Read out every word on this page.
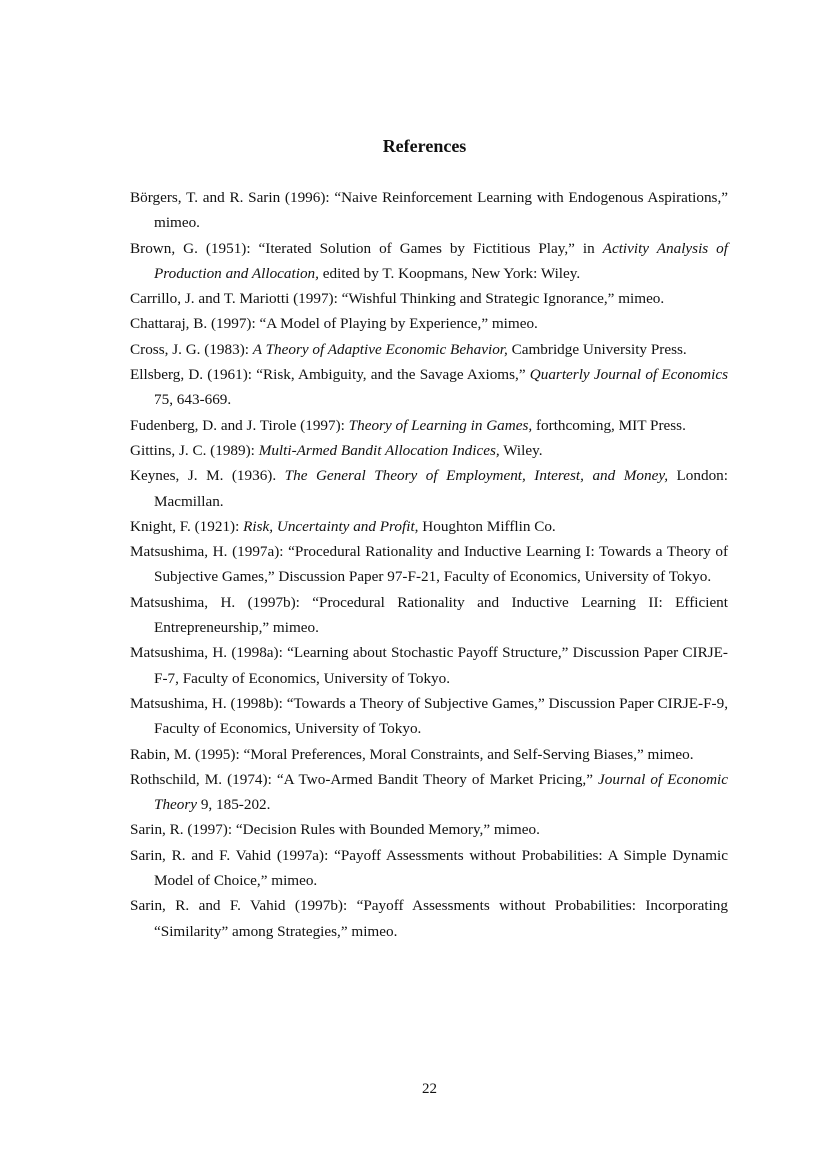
References

Börgers, T. and R. Sarin (1996): “Naive Reinforcement Learning with Endogenous Aspirations,” mimeo.

Brown, G. (1951): “Iterated Solution of Games by Fictitious Play,” in Activity Analysis of Production and Allocation, edited by T. Koopmans, New York: Wiley.

Carrillo, J. and T. Mariotti (1997): “Wishful Thinking and Strategic Ignorance,” mimeo.

Chattaraj, B. (1997): “A Model of Playing by Experience,” mimeo.

Cross, J. G. (1983): A Theory of Adaptive Economic Behavior, Cambridge University Press.

Ellsberg, D. (1961): “Risk, Ambiguity, and the Savage Axioms,” Quarterly Journal of Economics 75, 643-669.

Fudenberg, D. and J. Tirole (1997): Theory of Learning in Games, forthcoming, MIT Press.

Gittins, J. C. (1989): Multi-Armed Bandit Allocation Indices, Wiley.

Keynes, J. M. (1936). The General Theory of Employment, Interest, and Money, London: Macmillan.

Knight, F. (1921): Risk, Uncertainty and Profit, Houghton Mifflin Co.

Matsushima, H. (1997a): “Procedural Rationality and Inductive Learning I: Towards a Theory of Subjective Games,” Discussion Paper 97-F-21, Faculty of Economics, University of Tokyo.

Matsushima, H. (1997b): “Procedural Rationality and Inductive Learning II: Efficient Entrepreneurship,” mimeo.

Matsushima, H. (1998a): “Learning about Stochastic Payoff Structure,” Discussion Paper CIRJE-F-7, Faculty of Economics, University of Tokyo.

Matsushima, H. (1998b): “Towards a Theory of Subjective Games,” Discussion Paper CIRJE-F-9, Faculty of Economics, University of Tokyo.

Rabin, M. (1995): “Moral Preferences, Moral Constraints, and Self-Serving Biases,” mimeo.

Rothschild, M. (1974): “A Two-Armed Bandit Theory of Market Pricing,” Journal of Economic Theory 9, 185-202.

Sarin, R. (1997): “Decision Rules with Bounded Memory,” mimeo.

Sarin, R. and F. Vahid (1997a): “Payoff Assessments without Probabilities: A Simple Dynamic Model of Choice,” mimeo.

Sarin, R. and F. Vahid (1997b): “Payoff Assessments without Probabilities: Incorporating “Similarity” among Strategies,” mimeo.

22
